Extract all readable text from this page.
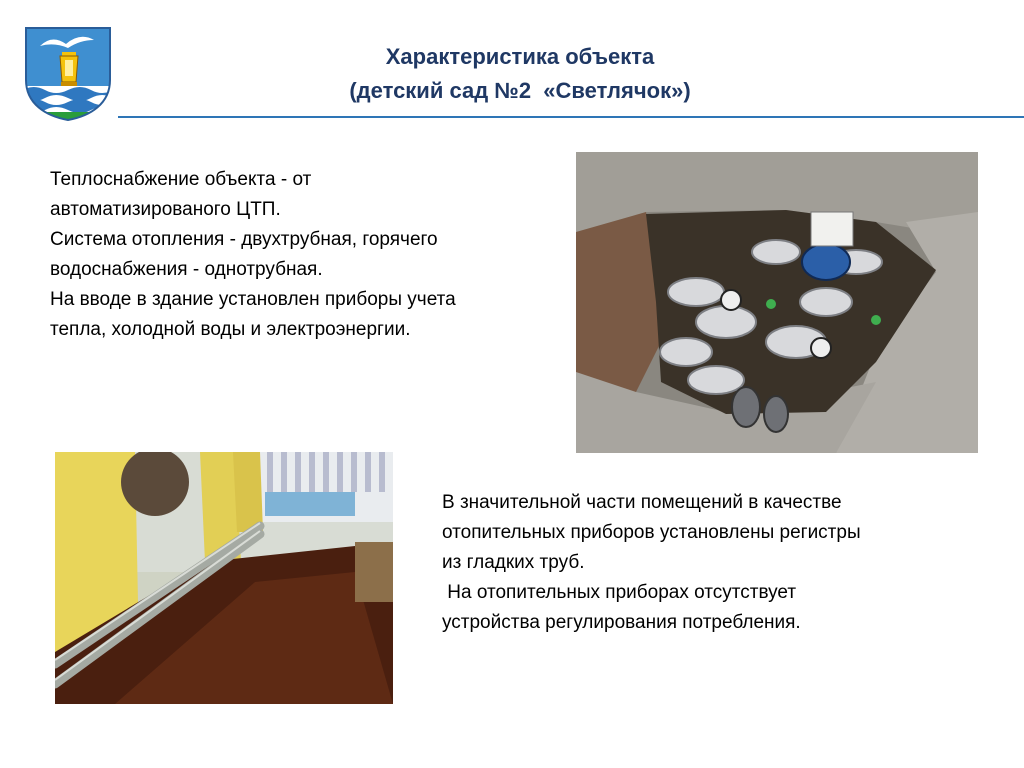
Характеристика объекта
(детский сад №2  «Светлячок»)
Теплоснабжение объекта - от
автоматизированого ЦТП.
Система отопления - двухтрубная, горячего
водоснабжения - однотрубная.
На вводе в здание установлен приборы учета
тепла, холодной воды и электроэнергии.
В значительной части помещений в качестве
отопительных приборов установлены регистры
из гладких труб.
На отопительных приборах отсутствует
устройства регулирования потребления.
